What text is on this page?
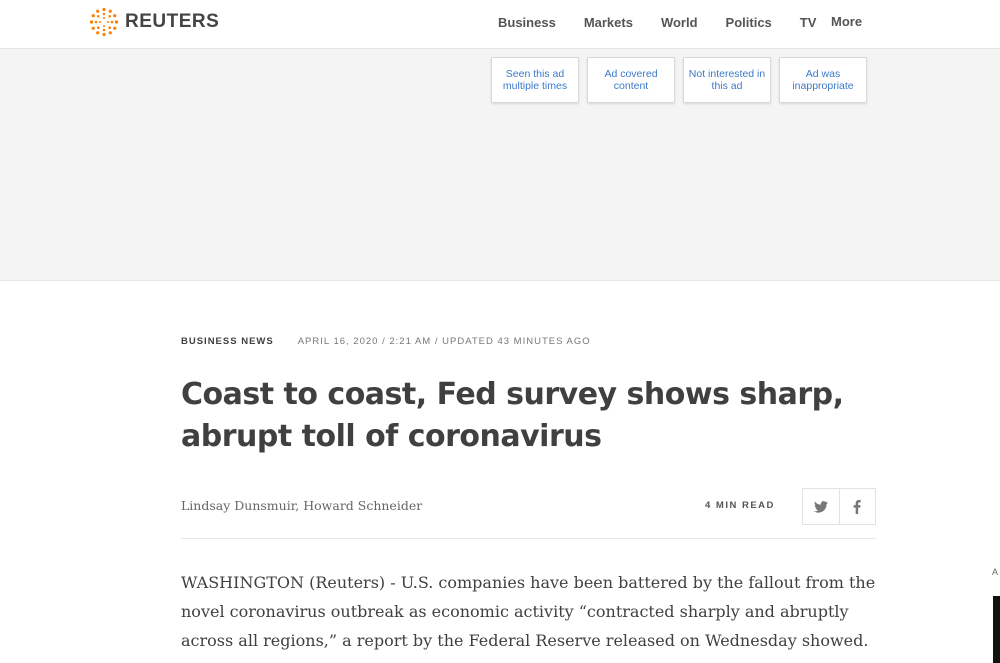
REUTERS	Business Markets World Politics TV More
Seen this ad multiple times
Ad covered content
Not interested in this ad
Ad was inappropriate
BUSINESS NEWS	APRIL 16, 2020 / 2:21 AM / UPDATED 43 MINUTES AGO
Coast to coast, Fed survey shows sharp, abrupt toll of coronavirus
Lindsay Dunsmuir, Howard Schneider	4 MIN READ

WASHINGTON (Reuters) - U.S. companies have been battered by the fallout from the novel coronavirus outbreak as economic activity “contracted sharply and abruptly across all regions,” a report by the Federal Reserve released on Wednesday showed.

A
